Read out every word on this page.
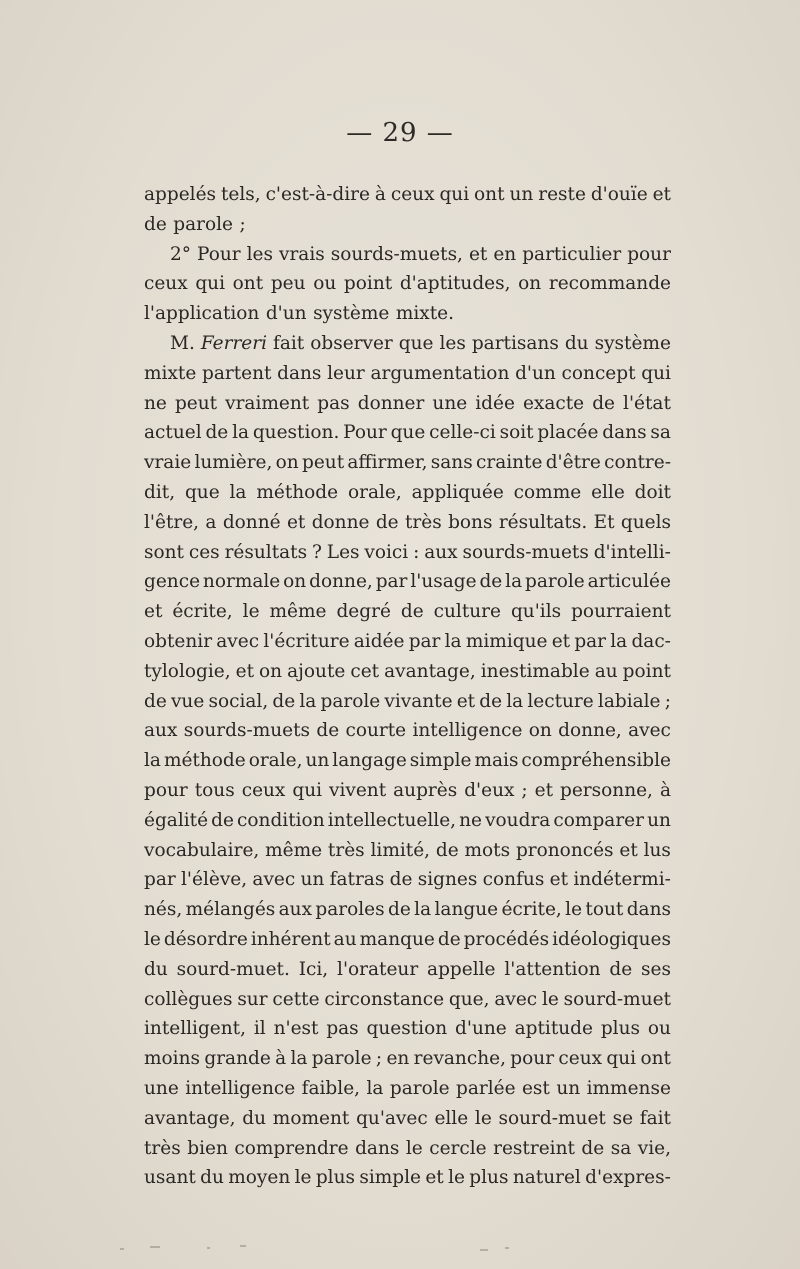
— 29 —
appelés tels, c'est-à-dire à ceux qui ont un reste d'ouïe et
de parole ;
2° Pour les vrais sourds-muets, et en particulier pour
ceux qui ont peu ou point d'aptitudes, on recommande
l'application d'un système mixte.
M. Ferreri fait observer que les partisans du système
mixte partent dans leur argumentation d'un concept qui
ne peut vraiment pas donner une idée exacte de l'état
actuel de la question. Pour que celle-ci soit placée dans sa
vraie lumière, on peut affirmer, sans crainte d'être contre-
dit, que la méthode orale, appliquée comme elle doit
l'être, a donné et donne de très bons résultats. Et quels
sont ces résultats ? Les voici : aux sourds-muets d'intelli-
gence normale on donne, par l'usage de la parole articulée
et écrite, le même degré de culture qu'ils pourraient
obtenir avec l'écriture aidée par la mimique et par la dac-
tylologie, et on ajoute cet avantage, inestimable au point
de vue social, de la parole vivante et de la lecture labiale ;
aux sourds-muets de courte intelligence on donne, avec
la méthode orale, un langage simple mais compréhensible
pour tous ceux qui vivent auprès d'eux ; et personne, à
égalité de condition intellectuelle, ne voudra comparer un
vocabulaire, même très limité, de mots prononcés et lus
par l'élève, avec un fatras de signes confus et indétermi-
nés, mélangés aux paroles de la langue écrite, le tout dans
le désordre inhérent au manque de procédés idéologiques
du sourd-muet. Ici, l'orateur appelle l'attention de ses
collègues sur cette circonstance que, avec le sourd-muet
intelligent, il n'est pas question d'une aptitude plus ou
moins grande à la parole ; en revanche, pour ceux qui ont
une intelligence faible, la parole parlée est un immense
avantage, du moment qu'avec elle le sourd-muet se fait
très bien comprendre dans le cercle restreint de sa vie,
usant du moyen le plus simple et le plus naturel d'expres-
